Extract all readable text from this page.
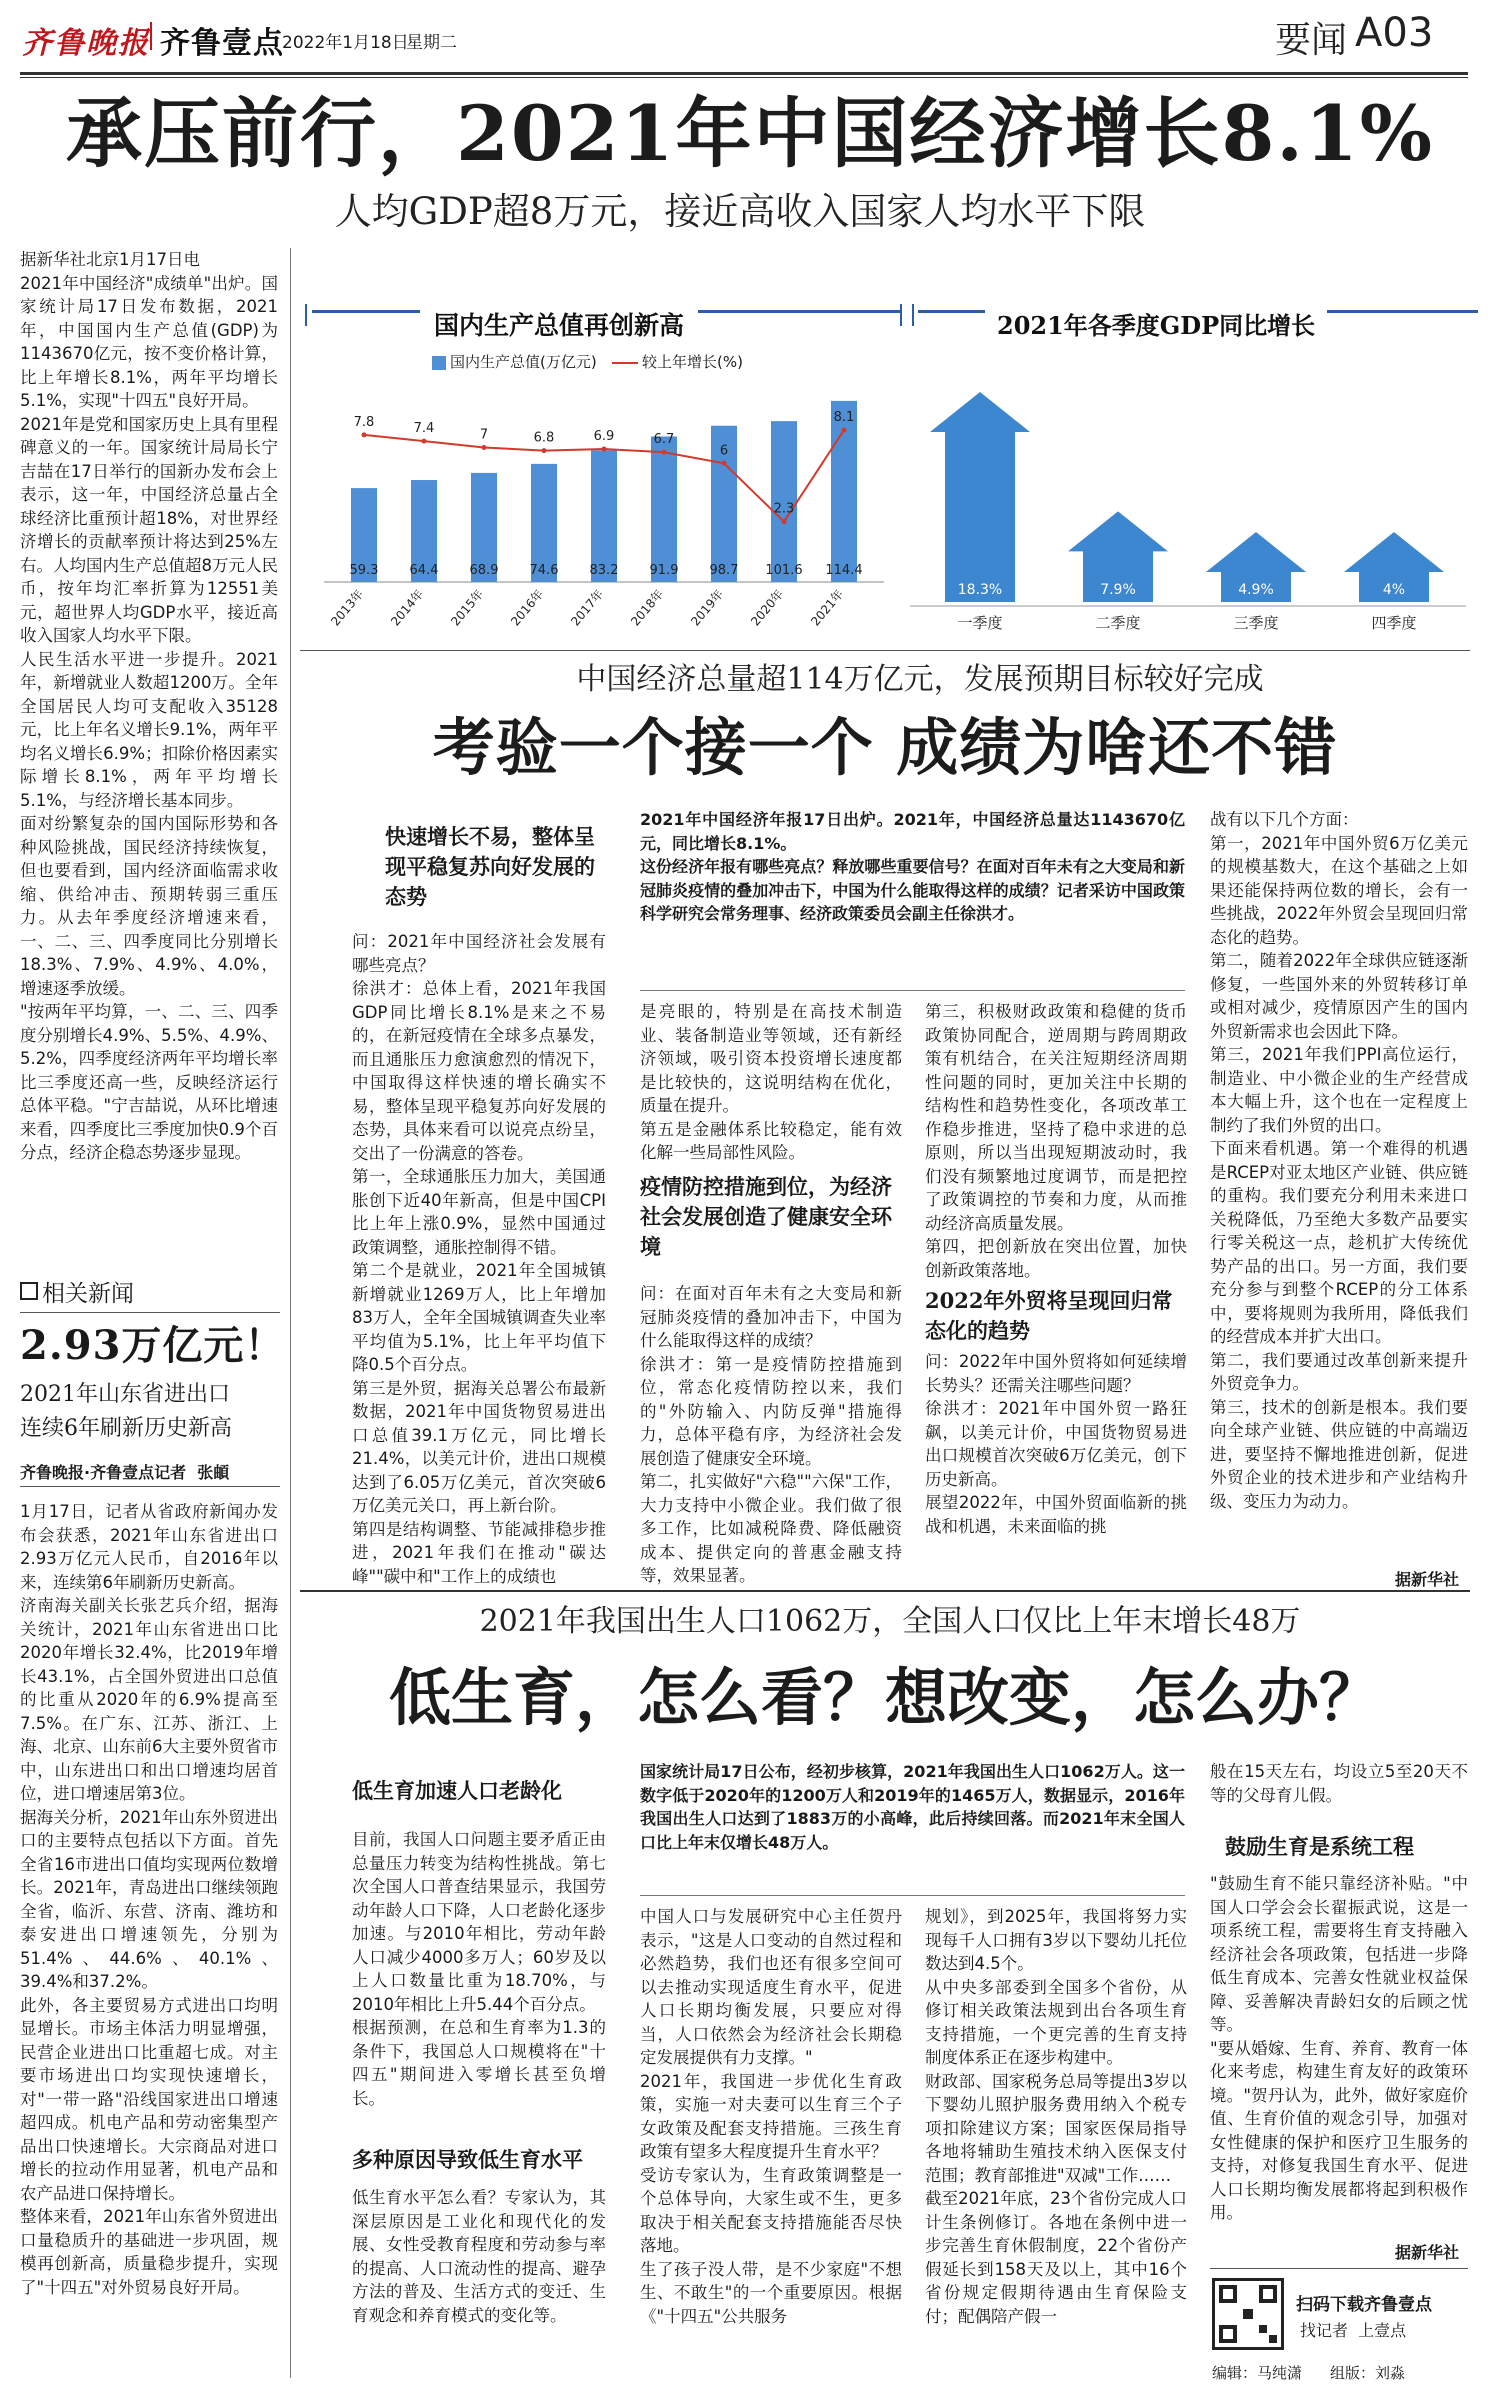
齐鲁晚报 齐鲁壹点
2022年1月18日
星期二	要闻 A03
承压前行，2021年中国经济增长8.1%
人均GDP超8万元，接近高收入国家人均水平下限
据新华社北京1月17日电
2021年中国经济"成绩单"出炉。国家统计局17日发布数据，2021年，中国国内生产总值(GDP)为1143670亿元，按不变价格计算，比上年增长8.1%，两年平均增长5.1%，实现"十四五"良好开局。
2021年是党和国家历史上具有里程碑意义的一年。国家统计局局长宁吉喆在17日举行的国新办发布会上表示，这一年，中国经济总量占全球经济比重预计超18%，对世界经济增长的贡献率预计将达到25%左右。人均国内生产总值超8万元人民币，按年均汇率折算为12551美元，超世界人均GDP水平，接近高收入国家人均水平下限。
人民生活水平进一步提升。2021年，新增就业人数超1200万。全年全国居民人均可支配收入35128元，比上年名义增长9.1%，两年平均名义增长6.9%；扣除价格因素实际增长8.1%，两年平均增长5.1%，与经济增长基本同步。
面对纷繁复杂的国内国际形势和各种风险挑战，国民经济持续恢复，但也要看到，国内经济面临需求收缩、供给冲击、预期转弱三重压力。从去年季度经济增速来看，一、二、三、四季度同比分别增长18.3%、7.9%、4.9%、4.0%，增速逐季放缓。
"按两年平均算，一、二、三、四季度分别增长4.9%、5.5%、4.9%、5.2%，四季度经济两年平均增长率比三季度还高一些，反映经济运行总体平稳。"宁吉喆说，从环比增速来看，四季度比三季度加快0.9个百分点，经济企稳态势逐步显现。
国内生产总值再创新高
国内生产总值(万亿元)	较上年增长(%)
59.3
2013年
64.4
2014年
68.9
2015年
74.6
2016年
83.2
2017年
91.9
2018年
98.7
2019年
101.6
2020年
114.4
2021年
7.8	7.4	7	6.8	6.9	6.7
6
2.3
8.1
2021年各季度GDP同比增长
18.3%
一季度
7.9%
二季度
4.9%
三季度
4%
四季度
中国经济总量超114万亿元，发展预期目标较好完成
考验一个接一个 成绩为啥还不错
快速增长不易，整体呈现平稳复苏向好发展的态势
问：2021年中国经济社会发展有哪些亮点？
徐洪才：总体上看，2021年我国GDP同比增长8.1%是来之不易的，在新冠疫情在全球多点暴发，而且通胀压力愈演愈烈的情况下，中国取得这样快速的增长确实不易，整体呈现平稳复苏向好发展的态势，具体来看可以说亮点纷呈，交出了一份满意的答卷。
第一，全球通胀压力加大，美国通胀创下近40年新高，但是中国CPI比上年上涨0.9%，显然中国通过政策调整，通胀控制得不错。
第二个是就业，2021年全国城镇新增就业1269万人，比上年增加83万人，全年全国城镇调查失业率平均值为5.1%，比上年平均值下降0.5个百分点。
第三是外贸，据海关总署公布最新数据，2021年中国货物贸易进出口总值39.1万亿元，同比增长21.4%，以美元计价，进出口规模达到了6.05万亿美元，首次突破6万亿美元关口，再上新台阶。
第四是结构调整、节能减排稳步推进，2021年我们在推动"碳达峰""碳中和"工作上的成绩也
2021年中国经济年报17日出炉。2021年，中国经济总量达1143670亿元，同比增长8.1%。
这份经济年报有哪些亮点？释放哪些重要信号？在面对百年未有之大变局和新冠肺炎疫情的叠加冲击下，中国为什么能取得这样的成绩？记者采访中国政策科学研究会常务理事、经济政策委员会副主任徐洪才。
是亮眼的，特别是在高技术制造业、装备制造业等领域，还有新经济领域，吸引资本投资增长速度都是比较快的，这说明结构在优化，质量在提升。
第五是金融体系比较稳定，能有效化解一些局部性风险。
疫情防控措施到位，为经济社会发展创造了健康安全环境
问：在面对百年未有之大变局和新冠肺炎疫情的叠加冲击下，中国为什么能取得这样的成绩？
徐洪才：第一是疫情防控措施到位，常态化疫情防控以来，我们的"外防输入、内防反弹"措施得力，总体平稳有序，为经济社会发展创造了健康安全环境。
第二，扎实做好"六稳""六保"工作，大力支持中小微企业。我们做了很多工作，比如减税降费、降低融资成本、提供定向的普惠金融支持等，效果显著。
第三，积极财政政策和稳健的货币政策协同配合，逆周期与跨周期政策有机结合，在关注短期经济周期性问题的同时，更加关注中长期的结构性和趋势性变化，各项改革工作稳步推进，坚持了稳中求进的总原则，所以当出现短期波动时，我们没有频繁地过度调节，而是把控了政策调控的节奏和力度，从而推动经济高质量发展。
第四，把创新放在突出位置，加快创新政策落地。
2022年外贸将呈现回归常态化的趋势
问：2022年中国外贸将如何延续增长势头？还需关注哪些问题？
徐洪才：2021年中国外贸一路狂飙，以美元计价，中国货物贸易进出口规模首次突破6万亿美元，创下历史新高。
展望2022年，中国外贸面临新的挑战和机遇，未来面临的挑
战有以下几个方面：
第一，2021年中国外贸6万亿美元的规模基数大，在这个基础之上如果还能保持两位数的增长，会有一些挑战，2022年外贸会呈现回归常态化的趋势。
第二，随着2022年全球供应链逐渐修复，一些国外来的外贸转移订单或相对减少，疫情原因产生的国内外贸新需求也会因此下降。
第三，2021年我们PPI高位运行，制造业、中小微企业的生产经营成本大幅上升，这个也在一定程度上制约了我们外贸的出口。
下面来看机遇。第一个难得的机遇是RCEP对亚太地区产业链、供应链的重构。我们要充分利用未来进口关税降低，乃至绝大多数产品要实行零关税这一点，趁机扩大传统优势产品的出口。另一方面，我们要充分参与到整个RCEP的分工体系中，要将规则为我所用，降低我们的经营成本并扩大出口。
第二，我们要通过改革创新来提升外贸竞争力。
第三，技术的创新是根本。我们要向全球产业链、供应链的中高端迈进，要坚持不懈地推进创新，促进外贸企业的技术进步和产业结构升级、变压力为动力。
据新华社
相关新闻
2.93万亿元！
2021年山东省进出口
连续6年刷新历史新高
齐鲁晚报·齐鲁壹点记者  张頔
1月17日，记者从省政府新闻办发布会获悉，2021年山东省进出口2.93万亿元人民币，自2016年以来，连续第6年刷新历史新高。
济南海关副关长张艺兵介绍，据海关统计，2021年山东省进出口比2020年增长32.4%，比2019年增长43.1%，占全国外贸进出口总值的比重从2020年的6.9%提高至7.5%。在广东、江苏、浙江、上海、北京、山东前6大主要外贸省市中，山东进出口和出口增速均居首位，进口增速居第3位。
据海关分析，2021年山东外贸进出口的主要特点包括以下方面。首先全省16市进出口值均实现两位数增长。2021年，青岛进出口继续领跑全省，临沂、东营、济南、潍坊和泰安进出口增速领先，分别为51.4%、44.6%、40.1%、39.4%和37.2%。
此外，各主要贸易方式进出口均明显增长。市场主体活力明显增强，民营企业进出口比重超七成。对主要市场进出口均实现快速增长，对"一带一路"沿线国家进出口增速超四成。机电产品和劳动密集型产品出口快速增长。大宗商品对进口增长的拉动作用显著，机电产品和农产品进口保持增长。
整体来看，2021年山东省外贸进出口量稳质升的基础进一步巩固，规模再创新高，质量稳步提升，实现了"十四五"对外贸易良好开局。
2021年我国出生人口1062万，全国人口仅比上年末增长48万
低生育，怎么看？想改变，怎么办？
低生育加速人口老龄化
目前，我国人口问题主要矛盾正由总量压力转变为结构性挑战。第七次全国人口普查结果显示，我国劳动年龄人口下降，人口老龄化逐步加速。与2010年相比，劳动年龄人口减少4000多万人；60岁及以上人口数量比重为18.70%，与2010年相比上升5.44个百分点。
根据预测，在总和生育率为1.3的条件下，我国总人口规模将在"十四五"期间进入零增长甚至负增长。
多种原因导致低生育水平
低生育水平怎么看？专家认为，其深层原因是工业化和现代化的发展、女性受教育程度和劳动参与率的提高、人口流动性的提高、避孕方法的普及、生活方式的变迁、生育观念和养育模式的变化等。
国家统计局17日公布，经初步核算，2021年我国出生人口1062万人。这一数字低于2020年的1200万人和2019年的1465万人，数据显示，2016年我国出生人口达到了1883万的小高峰，此后持续回落。而2021年末全国人口比上年末仅增长48万人。
中国人口与发展研究中心主任贺丹表示，"这是人口变动的自然过程和必然趋势，我们也还有很多空间可以去推动实现适度生育水平，促进人口长期均衡发展，只要应对得当，人口依然会为经济社会长期稳定发展提供有力支撑。"
2021年，我国进一步优化生育政策，实施一对夫妻可以生育三个子女政策及配套支持措施。三孩生育政策有望多大程度提升生育水平？
受访专家认为，生育政策调整是一个总体导向，大家生或不生，更多取决于相关配套支持措施能否尽快落地。
生了孩子没人带，是不少家庭"不想生、不敢生"的一个重要原因。根据《"十四五"公共服务
规划》，到2025年，我国将努力实现每千人口拥有3岁以下婴幼儿托位数达到4.5个。
从中央多部委到全国多个省份，从修订相关政策法规到出台各项生育支持措施，一个更完善的生育支持制度体系正在逐步构建中。
财政部、国家税务总局等提出3岁以下婴幼儿照护服务费用纳入个税专项扣除建议方案；国家医保局指导各地将辅助生殖技术纳入医保支付范围；教育部推进"双减"工作……
截至2021年底，23个省份完成人口计生条例修订。各地在条例中进一步完善生育休假制度，22个省份产假延长到158天及以上，其中16个省份规定假期待遇由生育保险支付；配偶陪产假一
般在15天左右，均设立5至20天不等的父母育儿假。
鼓励生育是系统工程
"鼓励生育不能只靠经济补贴。"中国人口学会会长翟振武说，这是一项系统工程，需要将生育支持融入经济社会各项政策，包括进一步降低生育成本、完善女性就业权益保障、妥善解决青龄妇女的后顾之忧等。
"要从婚嫁、生育、养育、教育一体化来考虑，构建生育友好的政策环境。"贺丹认为，此外，做好家庭价值、生育价值的观念引导，加强对女性健康的保护和医疗卫生服务的支持，对修复我国生育水平、促进人口长期均衡发展都将起到积极作用。
据新华社
扫码下载齐鲁壹点
找记者  上壹点
编辑：马纯潇 组版：刘淼
